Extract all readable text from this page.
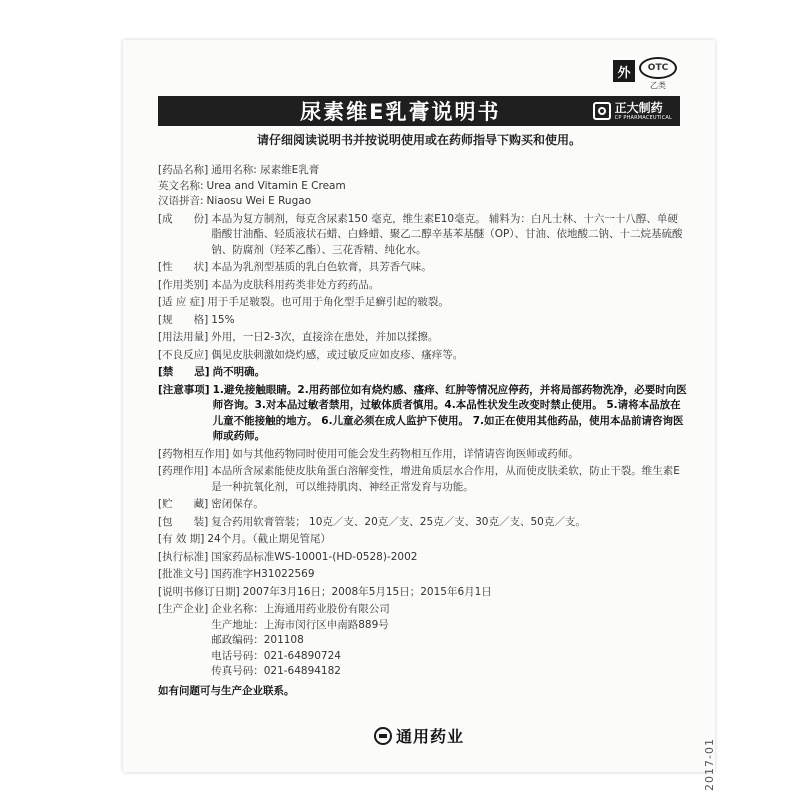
外	OTC
乙类
尿素维E乳膏说明书	正大制药
CP PHARMACEUTICAL
请仔细阅读说明书并按说明使用或在药师指导下购买和使用。
[药品名称] 通用名称: 尿素维E乳膏
英文名称: Urea and Vitamin E Cream
汉语拼音: Niaosu Wei E Rugao
[成　　份] 本品为复方制剂，每克含尿素150 毫克，维生素E10毫克。 辅料为：白凡士林、十六一十八醇、单硬脂酸甘油酯、轻质液状石蜡、白蜂蜡、聚乙二醇辛基苯基醚（OP）、甘油、依地酸二钠、十二烷基硫酸钠、防腐剂（羟苯乙酯）、三花香精、纯化水。
[性　　状] 本品为乳剂型基质的乳白色软膏，具芳香气味。
[作用类别] 本品为皮肤科用药类非处方药药品。
[适 应 症] 用于手足皲裂。也可用于角化型手足癣引起的皲裂。
[规　　格] 15%
[用法用量] 外用，一日2-3次，直接涂在患处，并加以揉擦。
[不良反应] 偶见皮肤刺激如烧灼感，或过敏反应如皮疹、瘙痒等。
[禁　　忌] 尚不明确。
[注意事项] 1.避免接触眼睛。2.用药部位如有烧灼感、瘙痒、红肿等情况应停药，并将局部药物洗净，必要时向医师咨询。3.对本品过敏者禁用，过敏体质者慎用。4.本品性状发生改变时禁止使用。 5.请将本品放在儿童不能接触的地方。 6.儿童必须在成人监护下使用。 7.如正在使用其他药品，使用本品前请咨询医师或药师。
[药物相互作用] 如与其他药物同时使用可能会发生药物相互作用，详情请咨询医师或药师。
[药理作用] 本品所含尿素能使皮肤角蛋白溶解变性，增进角质层水合作用，从而使皮肤柔软，防止干裂。维生素E 是一种抗氧化剂，可以维持肌肉、神经正常发育与功能。
[贮　　藏] 密闭保存。
[包　　装] 复合药用软膏管装； 10克／支、20克／支、25克／支、30克／支、50克／支。
[有 效 期] 24个月。（截止期见管尾）
[执行标准] 国家药品标准WS-10001-(HD-0528)-2002
[批准文号] 国药准字H31022569
[说明书修订日期] 2007年3月16日；2008年5月15日；2015年6月1日
[生产企业] 企业名称：上海通用药业股份有限公司
生产地址：上海市闵行区申南路889号
邮政编码：201108
电话号码：021-64890724
传真号码：021-64894182
如有问题可与生产企业联系。
通用药业
2017-01
